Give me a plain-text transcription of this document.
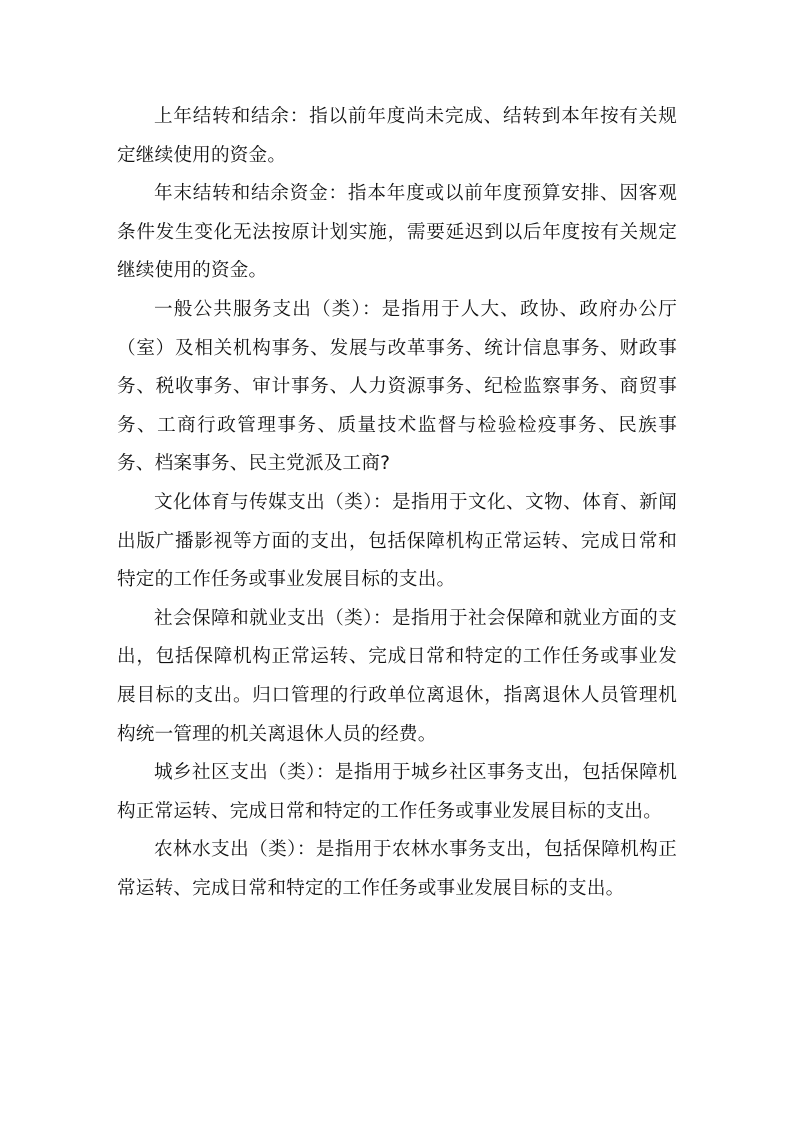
上年结转和结余：指以前年度尚未完成、结转到本年按有关规定继续使用的资金。

年末结转和结余资金：指本年度或以前年度预算安排、因客观条件发生变化无法按原计划实施，需要延迟到以后年度按有关规定继续使用的资金。

一般公共服务支出（类）：是指用于人大、政协、政府办公厅（室）及相关机构事务、发展与改革事务、统计信息事务、财政事务、税收事务、审计事务、人力资源事务、纪检监察事务、商贸事务、工商行政管理事务、质量技术监督与检验检疫事务、民族事务、档案事务、民主党派及工商?

文化体育与传媒支出（类）：是指用于文化、文物、体育、新闻出版广播影视等方面的支出，包括保障机构正常运转、完成日常和特定的工作任务或事业发展目标的支出。

社会保障和就业支出（类）：是指用于社会保障和就业方面的支出，包括保障机构正常运转、完成日常和特定的工作任务或事业发展目标的支出。归口管理的行政单位离退休，指离退休人员管理机构统一管理的机关离退休人员的经费。

城乡社区支出（类）：是指用于城乡社区事务支出，包括保障机构正常运转、完成日常和特定的工作任务或事业发展目标的支出。

农林水支出（类）：是指用于农林水事务支出，包括保障机构正常运转、完成日常和特定的工作任务或事业发展目标的支出。
